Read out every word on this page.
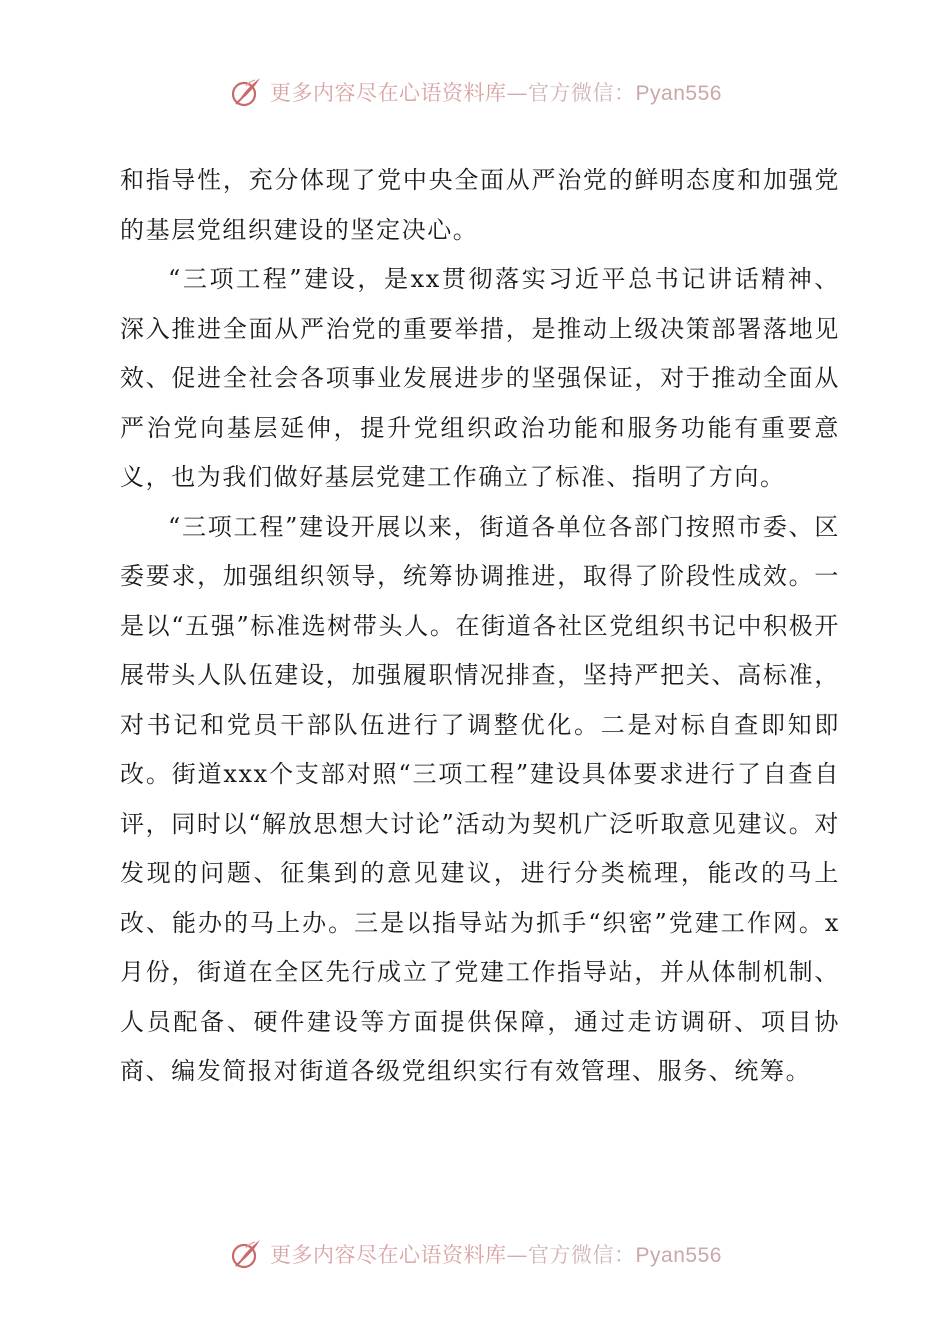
更多内容尽在心语资料库—官方微信：Pyan556

和指导性，充分体现了党中央全面从严治党的鲜明态度和加强党的基层党组织建设的坚定决心。

“三项工程”建设，是xx贯彻落实习近平总书记讲话精神、深入推进全面从严治党的重要举措，是推动上级决策部署落地见效、促进全社会各项事业发展进步的坚强保证，对于推动全面从严治党向基层延伸，提升党组织政治功能和服务功能有重要意义，也为我们做好基层党建工作确立了标准、指明了方向。

“三项工程”建设开展以来，街道各单位各部门按照市委、区委要求，加强组织领导，统筹协调推进，取得了阶段性成效。一是以“五强”标准选树带头人。在街道各社区党组织书记中积极开展带头人队伍建设，加强履职情况排查，坚持严把关、高标准，对书记和党员干部队伍进行了调整优化。二是对标自查即知即改。街道xxx个支部对照“三项工程”建设具体要求进行了自查自评，同时以“解放思想大讨论”活动为契机广泛听取意见建议。对发现的问题、征集到的意见建议，进行分类梳理，能改的马上改、能办的马上办。三是以指导站为抓手“织密”党建工作网。x月份，街道在全区先行成立了党建工作指导站，并从体制机制、人员配备、硬件建设等方面提供保障，通过走访调研、项目协商、编发简报对街道各级党组织实行有效管理、服务、统筹。

更多内容尽在心语资料库—官方微信：Pyan556
